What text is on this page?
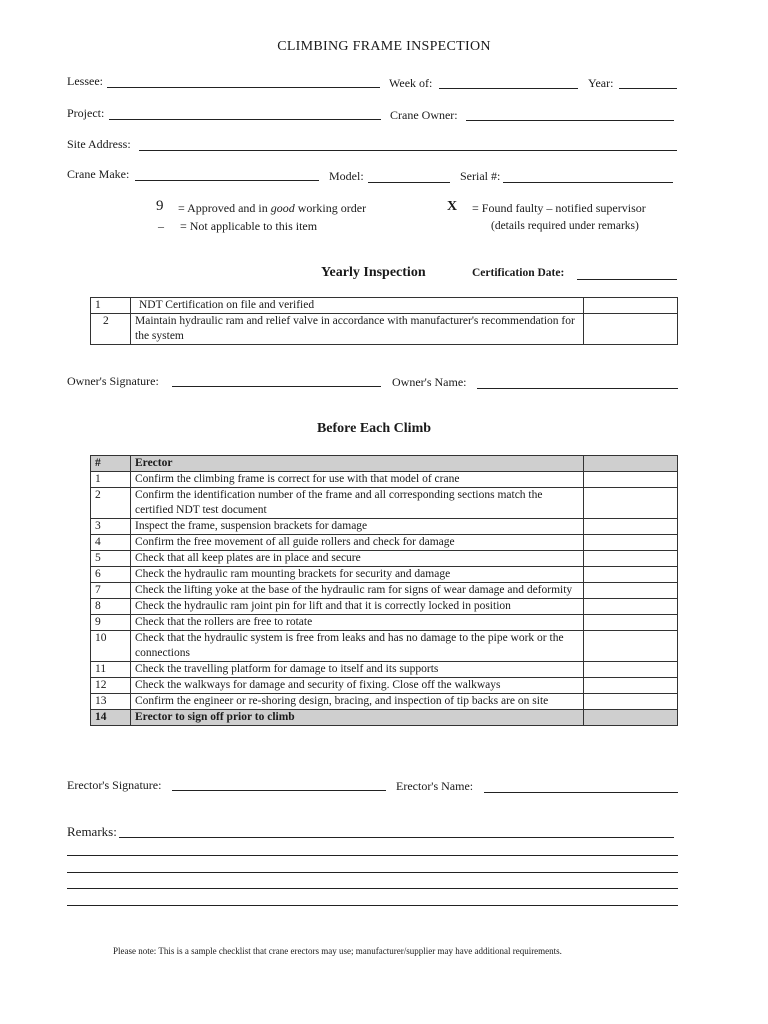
CLIMBING FRAME INSPECTION
Lessee:	Week of:	Year:
Project:	Crane Owner:
Site Address:
Crane Make:	Model:	Serial #:
9 = Approved and in good working order
– = Not applicable to this item
X = Found faulty – notified supervisor
(details required under remarks)
Yearly Inspection	Certification Date:
1	NDT Certification on file and verified	
2	Maintain hydraulic ram and relief valve in accordance with manufacturer's recommendation for the system	
Owner's Signature:	Owner's Name:
Before Each Climb
#	Erector	
1	Confirm the climbing frame is correct for use with that model of crane	
2	Confirm the identification number of the frame and all corresponding sections match the certified NDT test document	
3	Inspect the frame, suspension brackets for damage	
4	Confirm the free movement of all guide rollers and check for damage	
5	Check that all keep plates are in place and secure	
6	Check the hydraulic ram mounting brackets for security and damage	
7	Check the lifting yoke at the base of the hydraulic ram for signs of wear damage and deformity	
8	Check the hydraulic ram joint pin for lift and that it is correctly locked in position	
9	Check that the rollers are free to rotate	
10	Check that the hydraulic system is free from leaks and has no damage to the pipe work or the connections	
11	Check the travelling platform for damage to itself and its supports	
12	Check the walkways for damage and security of fixing. Close off the walkways	
13	Confirm the engineer or re-shoring design, bracing, and inspection of tip backs are on site	
14	Erector to sign off prior to climb	
Erector's Signature:	Erector's Name:
Remarks:
Please note: This is a sample checklist that crane erectors may use; manufacturer/supplier may have additional requirements.
